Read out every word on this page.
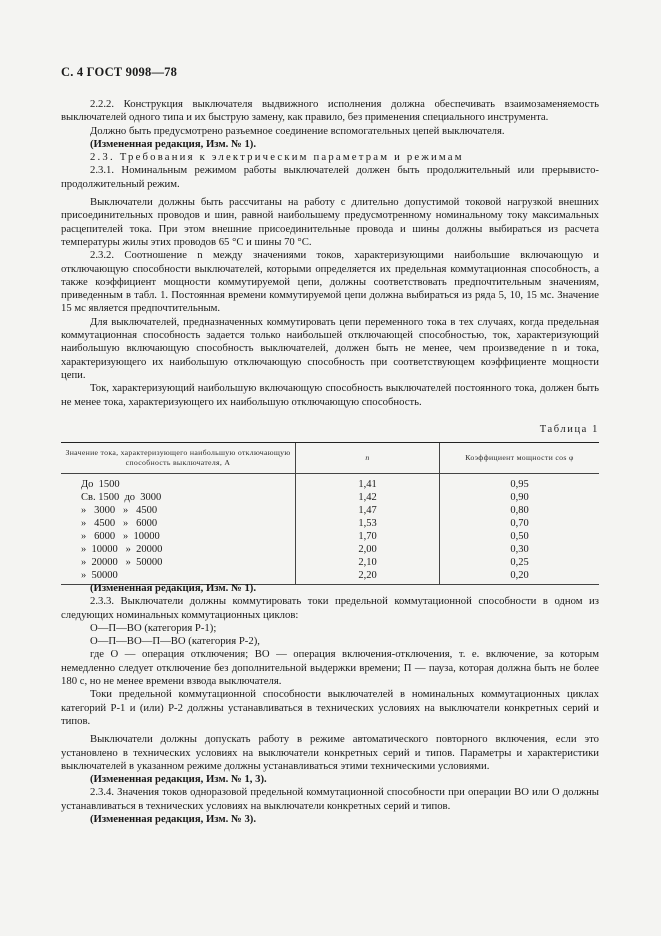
С. 4 ГОСТ 9098—78

2.2.2. Конструкция выключателя выдвижного исполнения должна обеспечивать взаимозаменяемость выключателей одного типа и их быструю замену, как правило, без применения специального инструмента.

Должно быть предусмотрено разъемное соединение вспомогательных цепей выключателя.

(Измененная редакция, Изм. № 1).

2.3. Требования к электрическим параметрам и режимам

2.3.1. Номинальным режимом работы выключателей должен быть продолжительный или прерывисто-продолжительный режим.

Выключатели должны быть рассчитаны на работу с длительно допустимой токовой нагрузкой внешних присоединительных проводов и шин, равной наибольшему предусмотренному номинальному току максимальных расцепителей тока. При этом внешние присоединительные провода и шины должны выбираться из расчета температуры жилы этих проводов 65 °С и шины 70 °С.

2.3.2. Соотношение n между значениями токов, характеризующими наибольшие включающую и отключающую способности выключателей, которыми определяется их предельная коммутационная способность, а также коэффициент мощности коммутируемой цепи, должны соответствовать предпочтительным значениям, приведенным в табл. 1. Постоянная времени коммутируемой цепи должна выбираться из ряда 5, 10, 15 мс. Значение 15 мс является предпочтительным.

Для выключателей, предназначенных коммутировать цепи переменного тока в тех случаях, когда предельная коммутационная способность задается только наибольшей отключающей способностью, ток, характеризующий наибольшую включающую способность выключателей, должен быть не менее, чем произведение n и тока, характеризующего их наибольшую отключающую способность при соответствующем коэффициенте мощности цепи.

Ток, характеризующий наибольшую включающую способность выключателей постоянного тока, должен быть не менее тока, характеризующего их наибольшую отключающую способность.

Таблица 1
Значение тока, характеризующего наибольшую отключающую способность выключателя, А	n	Коэффициент мощности cos φ
До  1500	1,41	0,95
Св. 1500  до  3000	1,42	0,90
»   3000   »   4500	1,47	0,80
»   4500   »   6000	1,53	0,70
»   6000   »  10000	1,70	0,50
»  10000   »  20000	2,00	0,30
»  20000   »  50000	2,10	0,25
»  50000	2,20	0,20

(Измененная редакция, Изм. № 1).

2.3.3. Выключатели должны коммутировать токи предельной коммутационной способности в одном из следующих номинальных коммутационных циклов:

О—П—ВО (категория Р-1);

О—П—ВО—П—ВО (категория Р-2),

где О — операция отключения; ВО — операция включения-отключения, т. е. включение, за которым немедленно следует отключение без дополнительной выдержки времени; П — пауза, которая должна быть не более 180 с, но не менее времени взвода выключателя.

Токи предельной коммутационной способности выключателей в номинальных коммутационных циклах категорий Р-1 и (или) Р-2 должны устанавливаться в технических условиях на выключатели конкретных серий и типов.

Выключатели должны допускать работу в режиме автоматического повторного включения, если это установлено в технических условиях на выключатели конкретных серий и типов. Параметры и характеристики выключателей в указанном режиме должны устанавливаться этими техническими условиями.

(Измененная редакция, Изм. № 1, 3).

2.3.4. Значения токов одноразовой предельной коммутационной способности при операции ВО или О должны устанавливаться в технических условиях на выключатели конкретных серий и типов.

(Измененная редакция, Изм. № 3).
